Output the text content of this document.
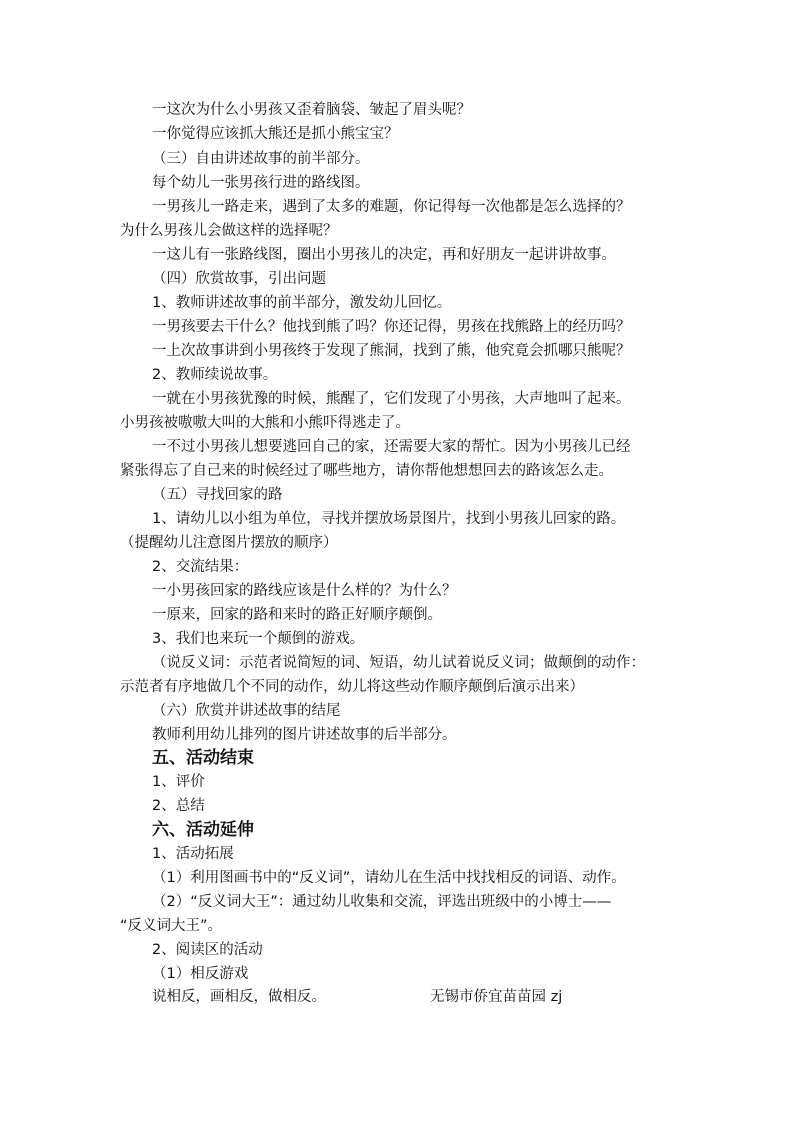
一这次为什么小男孩又歪着脑袋、皱起了眉头呢？
一你觉得应该抓大熊还是抓小熊宝宝？
（三）自由讲述故事的前半部分。
每个幼儿一张男孩行进的路线图。
一男孩儿一路走来，遇到了太多的难题，你记得每一次他都是怎么选择的？
为什么男孩儿会做这样的选择呢？
一这儿有一张路线图，圈出小男孩儿的决定，再和好朋友一起讲讲故事。
（四）欣赏故事，引出问题
1、教师讲述故事的前半部分，激发幼儿回忆。
一男孩要去干什么？他找到熊了吗？你还记得，男孩在找熊路上的经历吗？
一上次故事讲到小男孩终于发现了熊洞，找到了熊，他究竟会抓哪只熊呢？
2、教师续说故事。
一就在小男孩犹豫的时候，熊醒了，它们发现了小男孩，大声地叫了起来。
小男孩被嗷嗷大叫的大熊和小熊吓得逃走了。
一不过小男孩儿想要逃回自己的家，还需要大家的帮忙。因为小男孩儿已经
紧张得忘了自己来的时候经过了哪些地方，请你帮他想想回去的路该怎么走。
（五）寻找回家的路
1、请幼儿以小组为单位，寻找并摆放场景图片，找到小男孩儿回家的路。
（提醒幼儿注意图片摆放的顺序）
2、交流结果：
一小男孩回家的路线应该是什么样的？为什么？
一原来，回家的路和来时的路正好顺序颠倒。
3、我们也来玩一个颠倒的游戏。
（说反义词：示范者说简短的词、短语，幼儿试着说反义词；做颠倒的动作：
示范者有序地做几个不同的动作，幼儿将这些动作顺序颠倒后演示出来）
（六）欣赏并讲述故事的结尾
教师利用幼儿排列的图片讲述故事的后半部分。
五、活动结束
1、评价
2、总结
六、活动延伸
1、活动拓展
（1）利用图画书中的“反义词”，请幼儿在生活中找找相反的词语、动作。
（2）“反义词大王”：通过幼儿收集和交流，评选出班级中的小博士——
“反义词大王”。
2、阅读区的活动
（1）相反游戏
说相反，画相反，做相反。	无锡市侨宜苗苗园 zj
